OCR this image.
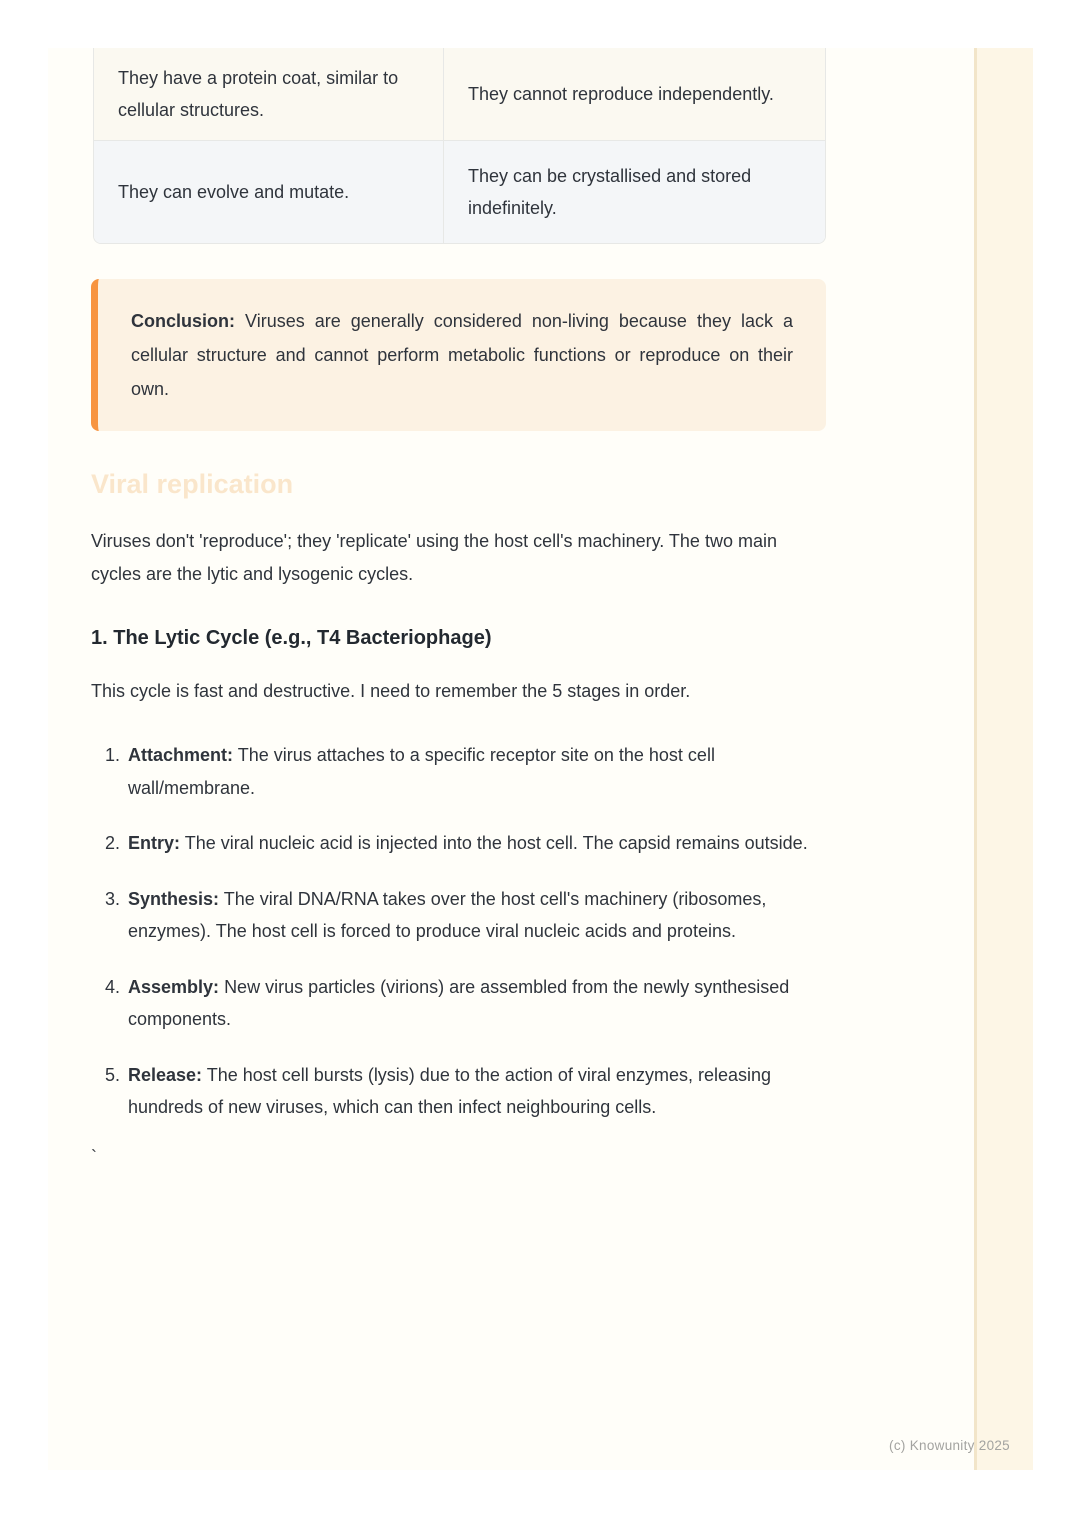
They have a protein coat, similar to cellular structures.
They cannot reproduce independently.
They can evolve and mutate.
They can be crystallised and stored indefinitely.
Conclusion: Viruses are generally considered non-living because they lack a cellular structure and cannot perform metabolic functions or reproduce on their own.
Viral replication

Viruses don't 'reproduce'; they 'replicate' using the host cell's machinery. The two main cycles are the lytic and lysogenic cycles.

1. The Lytic Cycle (e.g., T4 Bacteriophage)

This cycle is fast and destructive. I need to remember the 5 stages in order.

1. Attachment: The virus attaches to a specific receptor site on the host cell wall/membrane.
2. Entry: The viral nucleic acid is injected into the host cell. The capsid remains outside.
3. Synthesis: The viral DNA/RNA takes over the host cell's machinery (ribosomes, enzymes). The host cell is forced to produce viral nucleic acids and proteins.
4. Assembly: New virus particles (virions) are assembled from the newly synthesised components.
5. Release: The host cell bursts (lysis) due to the action of viral enzymes, releasing hundreds of new viruses, which can then infect neighbouring cells.
`
(c) Knowunity 2025
